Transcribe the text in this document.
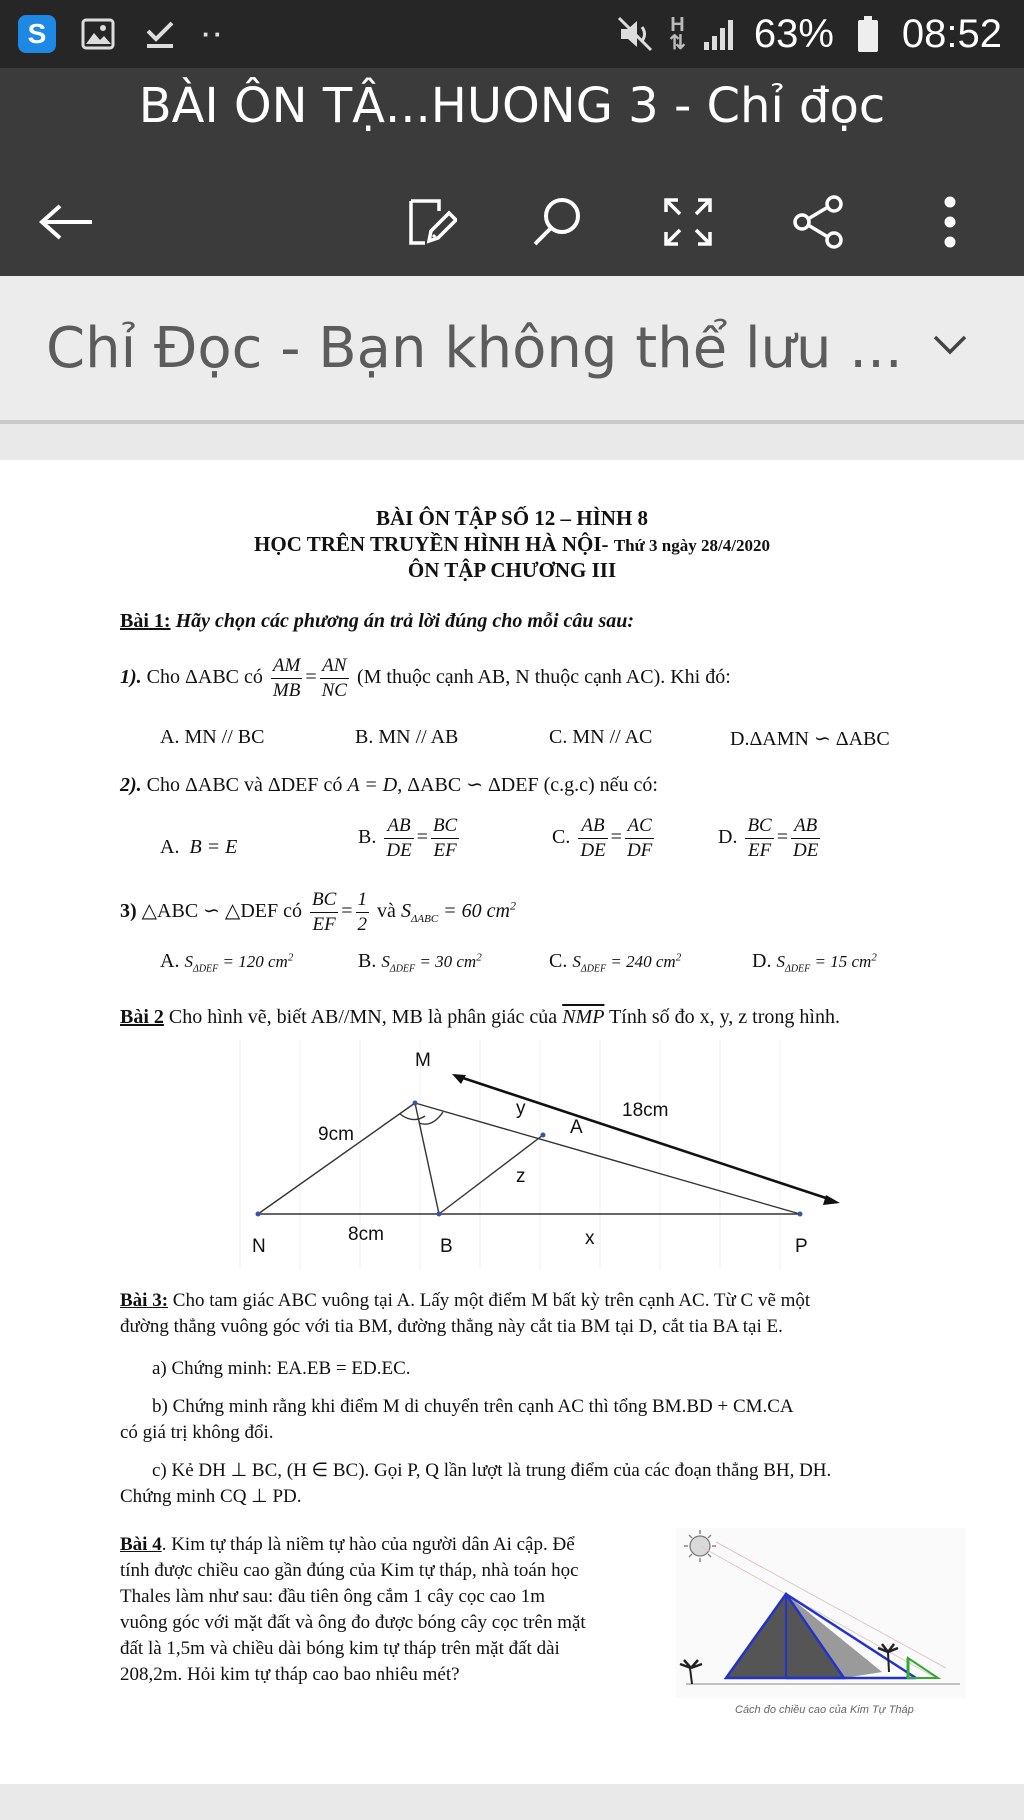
S	··	H
⇅ 63% 08:52
BÀI ÔN TẬ...HUONG 3 - Chỉ đọc
Chỉ Đọc - Bạn không thể lưu ...
BÀI ÔN TẬP SỐ 12 – HÌNH 8
HỌC TRÊN TRUYỀN HÌNH HÀ NỘI- Thứ 3 ngày 28/4/2020
ÔN TẬP CHƯƠNG III
Bài 1: Hãy chọn các phương án trả lời đúng cho mỗi câu sau:
1). Cho ΔABC có $\frac{AM}{MB} = \frac{AN}{NC} (M$ thuộc cạnh AB, N thuộc cạnh AC). Khi đó:
A. MN // BC	B. MN // AB	C. MN // AC	D.ΔAMN ∽ ΔABC
2). Cho ΔABC và ΔDEF có A = D, ΔABC ∽ ΔDEF (c.g.c) nếu có:
A. B = E	B. $\frac{AB}{DE} = \frac{BC}{EF}$	C. $\frac{AB}{DE} = \frac{AC}{DF}$	D. $\frac{BC}{EF} = \frac{AB}{DE}$
3) △ABC ∽ △DEF có $\frac{BC}{EF} = \frac{1}{2}$ và $S_{\Delta ABC} = 60$ $cm^2$
A. $S_{\Delta DEF} = 120$ $cm^2$	B. $S_{\Delta DEF} = 30$ $cm^2$	C. $S_{\Delta DEF} = 240$ $cm^2$	D. $S_{\Delta DEF} = 15$ $cm^2$
Bài 2 Cho hình vẽ, biết AB//MN, MB là phân giác của $\overline{NMP}$ Tính số đo x, y, z trong hình.
M
N	B	P
A
9cm
8cm
18cm
x
y
z
Bài 3: Cho tam giác ABC vuông tại A. Lấy một điểm M bất kỳ trên cạnh AC. Từ C vẽ một
đường thẳng vuông góc với tia BM, đường thẳng này cắt tia BM tại D, cắt tia BA tại E.
a) Chứng minh: EA.EB = ED.EC.
b) Chứng minh rằng khi điểm M di chuyển trên cạnh AC thì tổng BM.BD + CM.CA
có giá trị không đổi.
c) Kẻ DH ⊥ BC, (H ∈ BC). Gọi P, Q lần lượt là trung điểm của các đoạn thẳng BH, DH.
Chứng minh CQ ⊥ PD.
Bài 4. Kim tự tháp là niềm tự hào của người dân Ai cập. Để
tính được chiều cao gần đúng của Kim tự tháp, nhà toán học
Thales làm như sau: đầu tiên ông cắm 1 cây cọc cao 1m
vuông góc với mặt đất và ông đo được bóng cây cọc trên mặt
đất là 1,5m và chiều dài bóng kim tự tháp trên mặt đất dài
208,2m. Hỏi kim tự tháp cao bao nhiêu mét?
Cách đo chiều cao của Kim Tự Tháp
